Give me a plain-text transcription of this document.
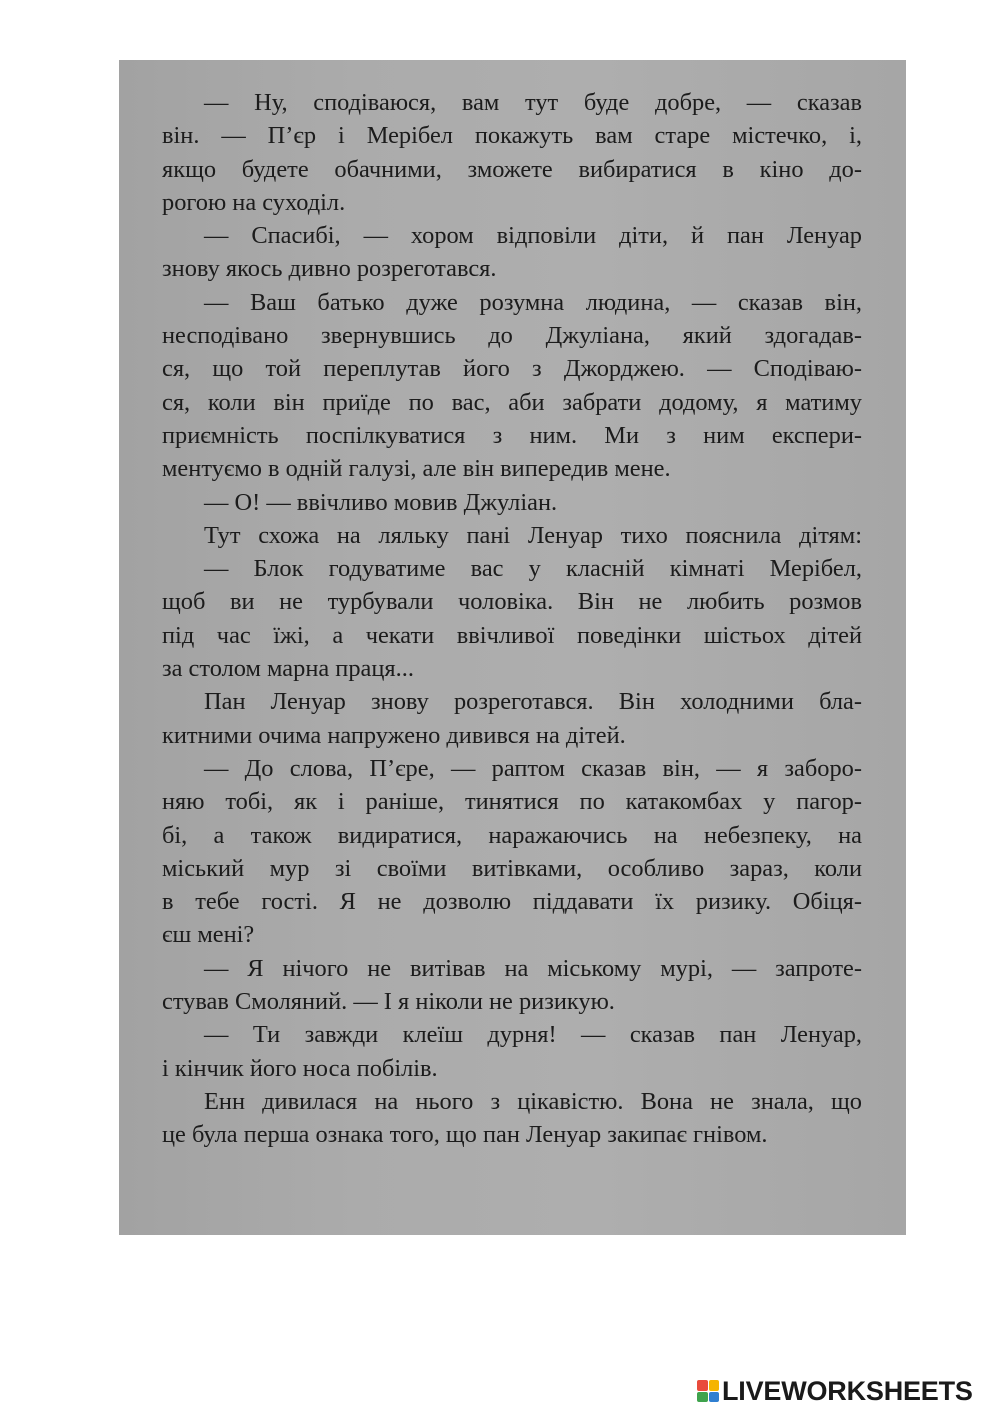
— Ну, сподіваюся, вам тут буде добре, — сказав
він. — П’єр і Мерібел покажуть вам старе містечко, і,
якщо будете обачними, зможете вибиратися в кіно до-
рогою на суходіл.
— Спасибі, — хором відповіли діти, й пан Ленуар
знову якось дивно розреготався.
— Ваш батько дуже розумна людина, — сказав він,
несподівано звернувшись до Джуліана, який здогадав-
ся, що той переплутав його з Джорджею. — Сподіваю-
ся, коли він приїде по вас, аби забрати додому, я матиму
приємність поспілкуватися з ним. Ми з ним експери-
ментуємо в одній галузі, але він випередив мене.
— О! — ввічливо мовив Джуліан.
Тут схожа на ляльку пані Ленуар тихо пояснила дітям:
— Блок годуватиме вас у класній кімнаті Мерібел,
щоб ви не турбували чоловіка. Він не любить розмов
під час їжі, а чекати ввічливої поведінки шістьох дітей
за столом марна праця...
Пан Ленуар знову розреготався. Він холодними бла-
китними очима напружено дивився на дітей.
— До слова, П’єре, — раптом сказав він, — я заборо-
няю тобі, як і раніше, тинятися по катакомбах у пагор-
бі, а також видиратися, наражаючись на небезпеку, на
міський мур зі своїми витівками, особливо зараз, коли
в тебе гості. Я не дозволю піддавати їх ризику. Обіця-
єш мені?
— Я нічого не витівав на міському мурі, — запроте-
стував Смоляний. — І я ніколи не ризикую.
— Ти завжди клеїш дурня! — сказав пан Ленуар,
і кінчик його носа побілів.
Енн дивилася на нього з цікавістю. Вона не знала, що
це була перша ознака того, що пан Ленуар закипає гнівом.
LIVEWORKSHEETS
